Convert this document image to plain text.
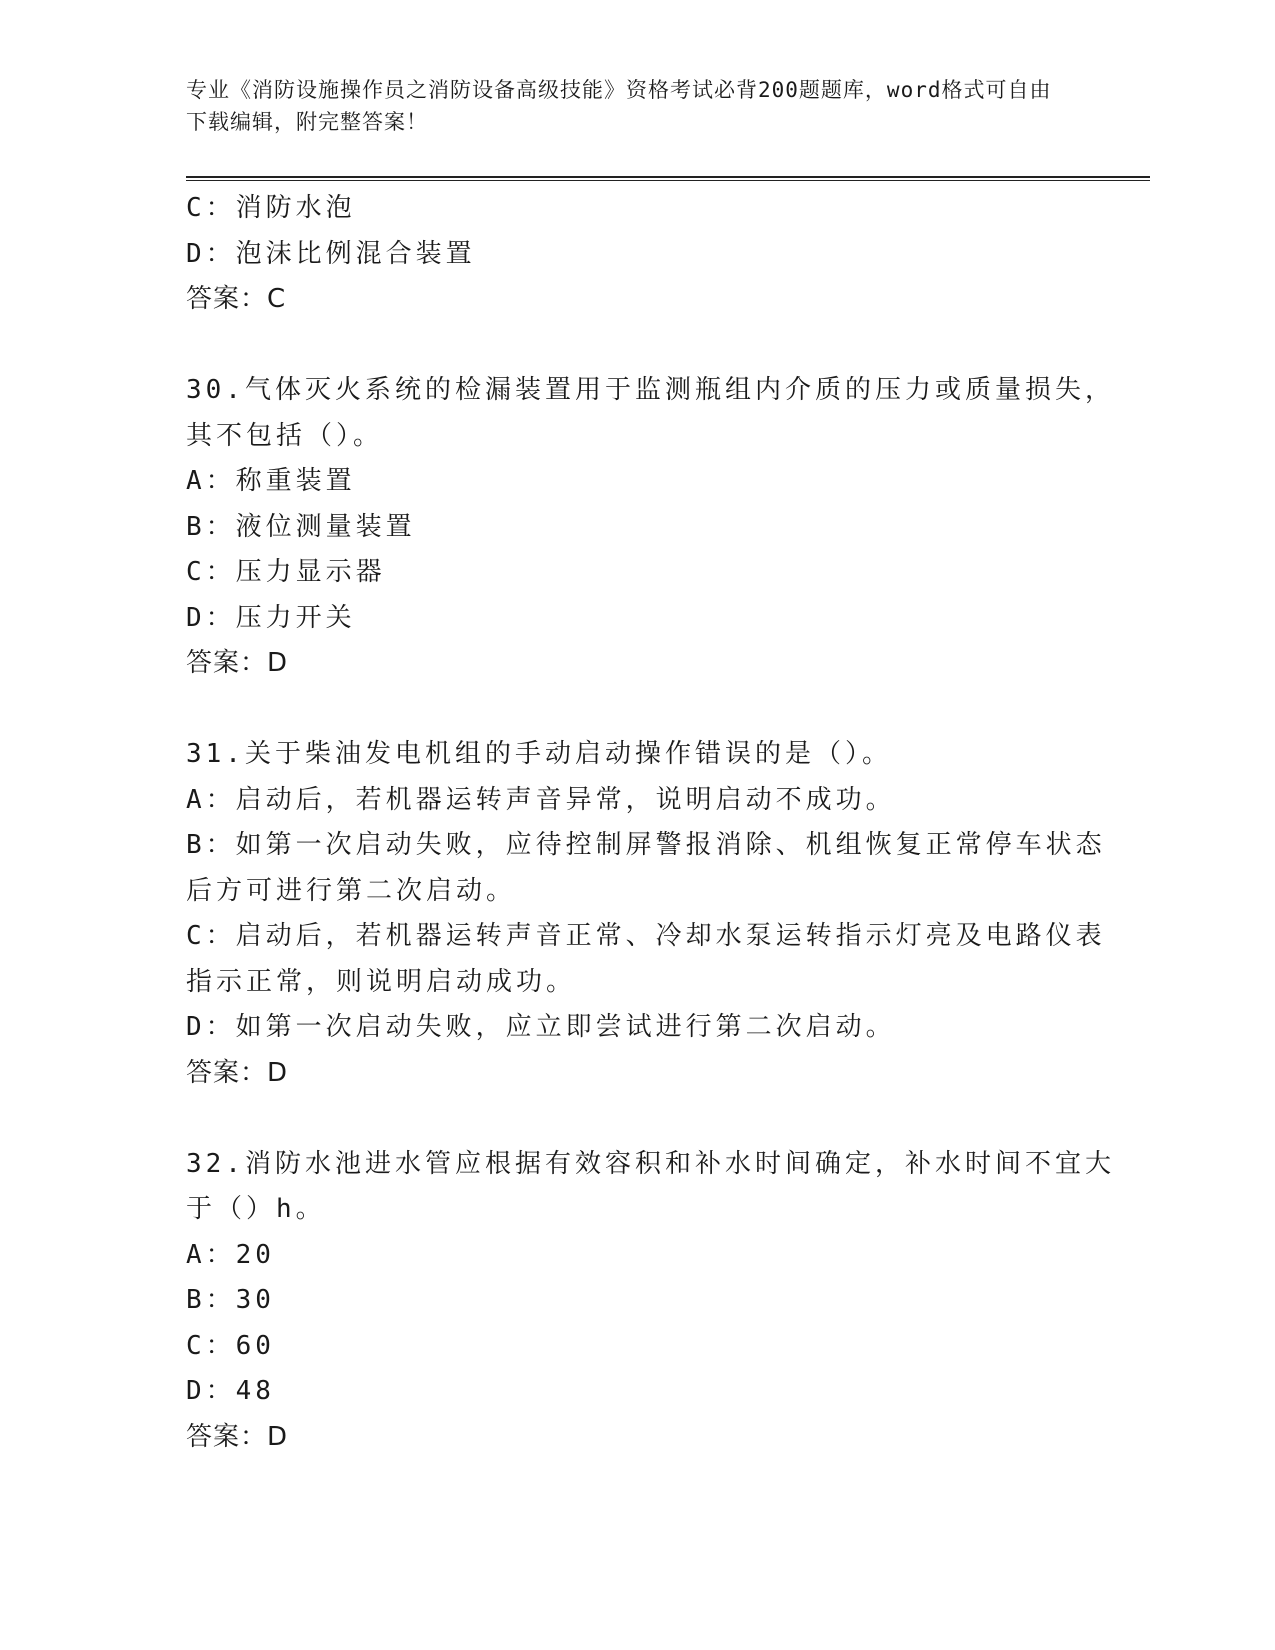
专业《消防设施操作员之消防设备高级技能》资格考试必背200题题库，word格式可自由下载编辑，附完整答案！
C：消防水泡
D：泡沫比例混合装置
答案：C
30.气体灭火系统的检漏装置用于监测瓶组内介质的压力或质量损失，
其不包括（）。
A：称重装置
B：液位测量装置
C：压力显示器
D：压力开关
答案：D
31.关于柴油发电机组的手动启动操作错误的是（）。
A：启动后，若机器运转声音异常，说明启动不成功。
B：如第一次启动失败，应待控制屏警报消除、机组恢复正常停车状态
后方可进行第二次启动。
C：启动后，若机器运转声音正常、冷却水泵运转指示灯亮及电路仪表
指示正常，则说明启动成功。
D：如第一次启动失败，应立即尝试进行第二次启动。
答案：D
32.消防水池进水管应根据有效容积和补水时间确定，补水时间不宜大
于（）h。
A：20
B：30
C：60
D：48
答案：D
